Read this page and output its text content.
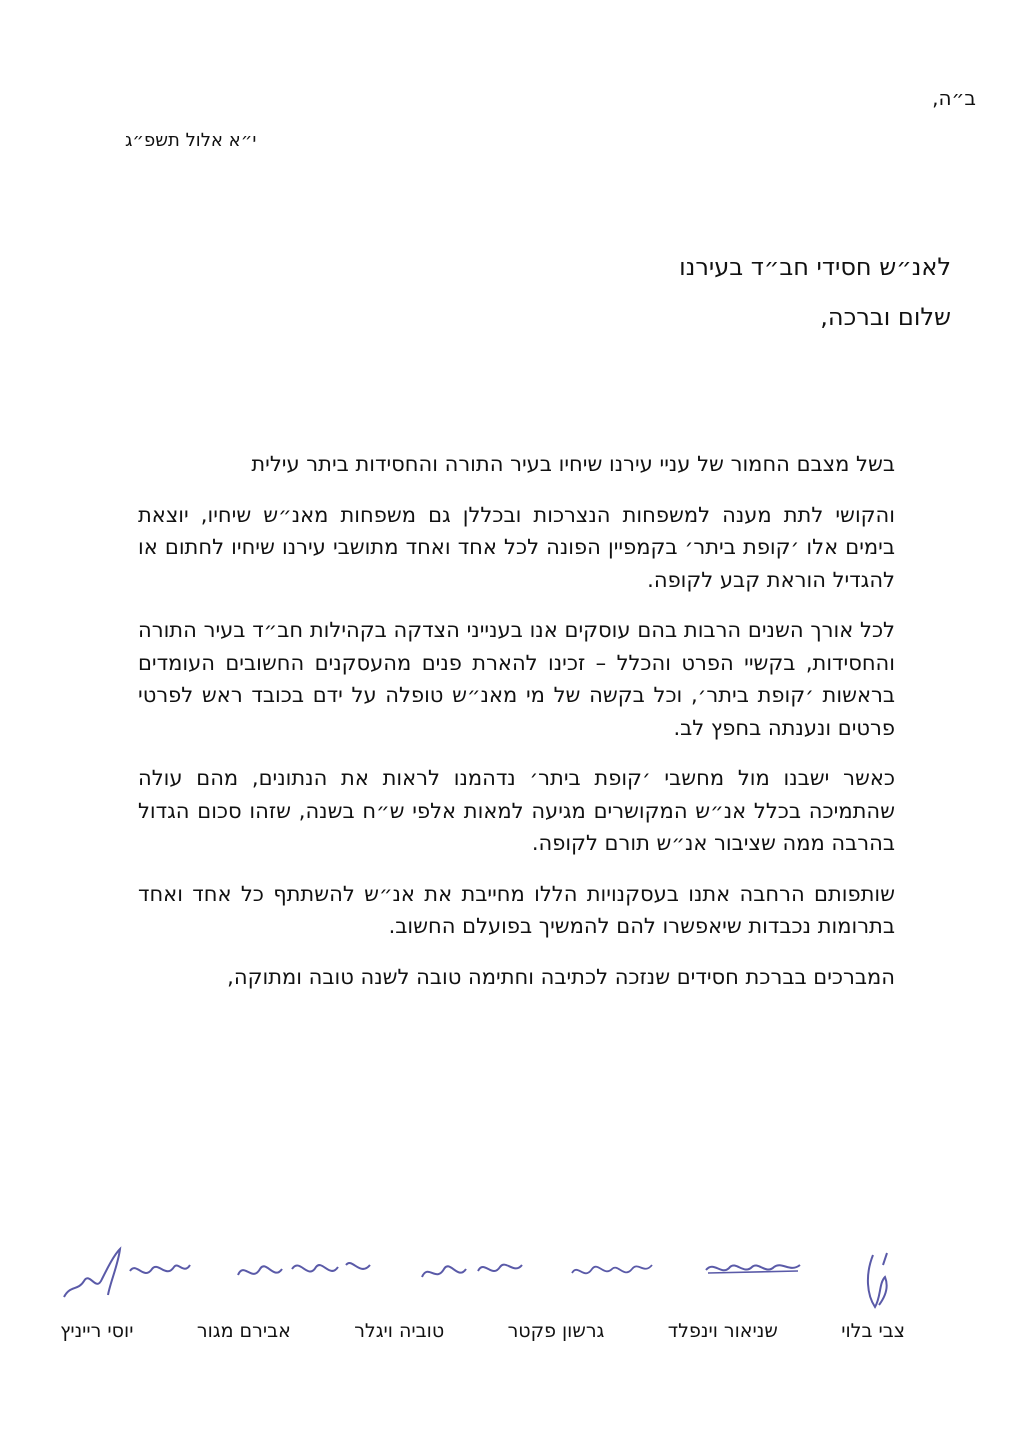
ב״ה,
י״א אלול תשפ״ג
לאנ״ש חסידי חב״ד בעירנו
שלום וברכה,

בשל מצבם החמור של עניי עירנו שיחיו בעיר התורה והחסידות ביתר עילית

והקושי לתת מענה למשפחות הנצרכות ובכללן גם משפחות מאנ״ש שיחיו, יוצאת בימים אלו ׳קופת ביתר׳ בקמפיין הפונה לכל אחד ואחד מתושבי עירנו שיחיו לחתום או להגדיל הוראת קבע לקופה.

לכל אורך השנים הרבות בהם עוסקים אנו בענייני הצדקה בקהילות חב״ד בעיר התורה והחסידות, בקשיי הפרט והכלל – זכינו להארת פנים מהעסקנים החשובים העומדים בראשות ׳קופת ביתר׳, וכל בקשה של מי מאנ״ש טופלה על ידם בכובד ראש לפרטי פרטים ונענתה בחפץ לב.

כאשר ישבנו מול מחשבי ׳קופת ביתר׳ נדהמנו לראות את הנתונים, מהם עולה שהתמיכה בכלל אנ״ש המקושרים מגיעה למאות אלפי ש״ח בשנה, שזהו סכום הגדול בהרבה ממה שציבור אנ״ש תורם לקופה.

שותפותם הרחבה אתנו בעסקנויות הללו מחייבת את אנ״ש להשתתף כל אחד ואחד בתרומות נכבדות שיאפשרו להם להמשיך בפועלם החשוב.

המברכים בברכת חסידים שנזכה לכתיבה וחתימה טובה לשנה טובה ומתוקה,

צבי בלוי
שניאור וינפלד
גרשון פקטר
טוביה ויגלר
אבירם מגור
יוסי רייניץ
